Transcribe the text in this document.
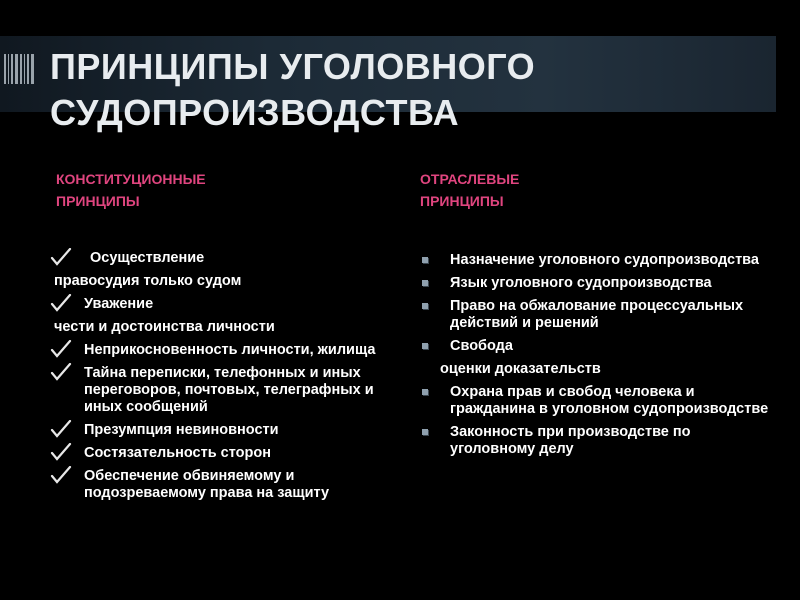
ПРИНЦИПЫ УГОЛОВНОГО
СУДОПРОИЗВОДСТВА
КОНСТИТУЦИОННЫЕ
ПРИНЦИПЫ
ОТРАСЛЕВЫЕ
ПРИНЦИПЫ
Осуществление
правосудия только судом
Уважение
чести и достоинства личности
Неприкосновенность личности, жилища
Тайна переписки, телефонных и иных переговоров, почтовых, телеграфных и иных сообщений
Презумпция невиновности
Состязательность сторон
Обеспечение обвиняемому и подозреваемому права на защиту
Назначение уголовного судопроизводства
Язык уголовного судопроизводства
Право на обжалование процессуальных действий и решений
Свобода
оценки доказательств
Охрана прав и свобод человека и гражданина в уголовном судопроизводстве
Законность при производстве по уголовному делу
